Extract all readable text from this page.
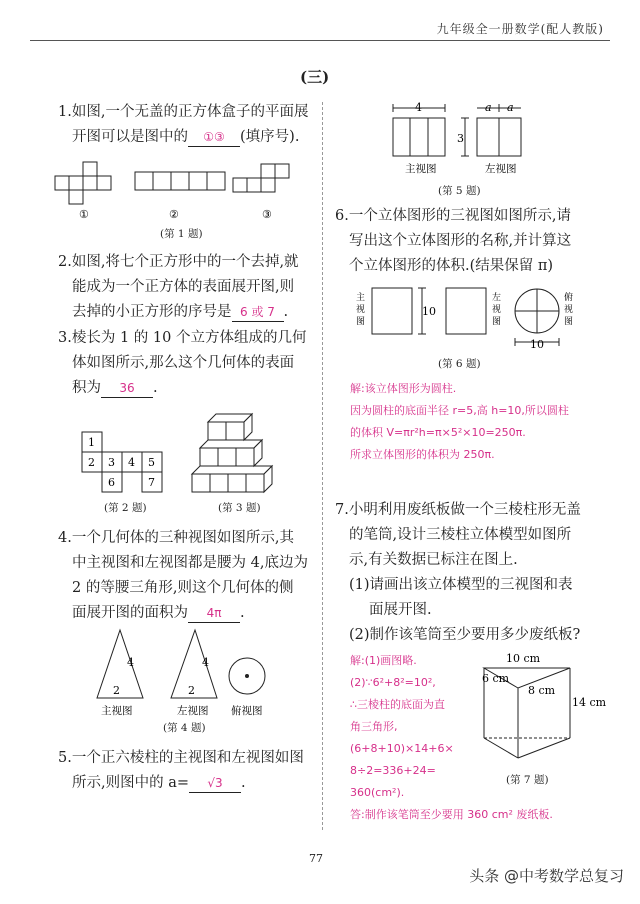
九年级全一册数学(配人教版)
(三)
1.如图,一个无盖的正方体盒子的平面展
开图可以是图中的 ①③ (填序号).
①	②	③
(第 1 题)
2.如图,将七个正方形中的一个去掉,就
能成为一个正方体的表面展开图,则
去掉的小正方形的序号是 6 或 7 .
3.棱长为 1 的 10 个立方体组成的几何
体如图所示,那么这个几何体的表面
积为 36 .
1
2 3 4 5
6	7
(第 2 题)	(第 3 题)
4.一个几何体的三种视图如图所示,其
中主视图和左视图都是腰为 4,底边为
2 的等腰三角形,则这个几何体的侧
面展开图的面积为 4π .
4
2
4
2
主视图	左视图 俯视图
(第 4 题)
5.一个正六棱柱的主视图和左视图如图
所示,则图中的 a= √3 .
4
3
a a
主视图	左视图
(第 5 题)
6.一个立体图形的三视图如图所示,请
写出这个立体图形的名称,并计算这
个立体图形的体积.(结果保留 π)
主
视
图
左
视
图
俯
视
图
10
10
(第 6 题)
解:该立体图形为圆柱.
因为圆柱的底面半径 r=5,高 h=10,所以圆柱
的体积 V=πr²h=π×5²×10=250π.
所求立体图形的体积为 250π.
7.小明利用废纸板做一个三棱柱形无盖
的笔筒,设计三棱柱立体模型如图所
示,有关数据已标注在图上.
(1)请画出该立体模型的三视图和表
面展开图.
(2)制作该笔筒至少要用多少废纸板?
解:(1)画图略.
(2)∵6²+8²=10²,
∴三棱柱的底面为直
角三角形,
(6+8+10)×14+6×
8÷2=336+24=
360(cm²).
答:制作该笔筒至少要用 360 cm² 废纸板.
10 cm
6 cm
8 cm
14 cm
(第 7 题)
77
头条 @中考数学总复习
